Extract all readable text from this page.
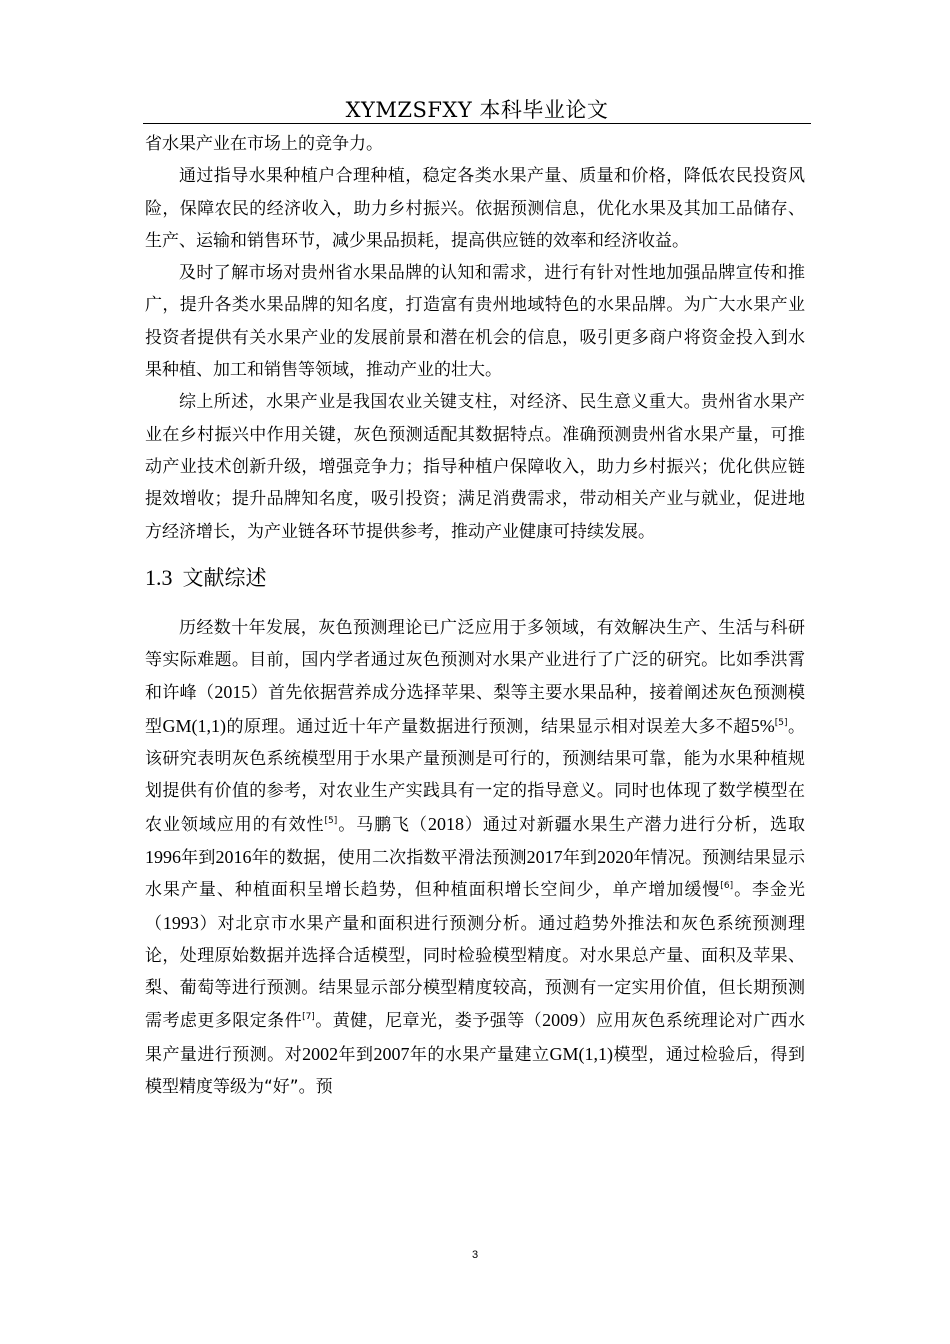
XYMZSFXY 本科毕业论文

省水果产业在市场上的竞争力。

通过指导水果种植户合理种植，稳定各类水果产量、质量和价格，降低农民投资风险，保障农民的经济收入，助力乡村振兴。依据预测信息，优化水果及其加工品储存、生产、运输和销售环节，减少果品损耗，提高供应链的效率和经济收益。

及时了解市场对贵州省水果品牌的认知和需求，进行有针对性地加强品牌宣传和推广，提升各类水果品牌的知名度，打造富有贵州地域特色的水果品牌。为广大水果产业投资者提供有关水果产业的发展前景和潜在机会的信息，吸引更多商户将资金投入到水果种植、加工和销售等领域，推动产业的壮大。

综上所述，水果产业是我国农业关键支柱，对经济、民生意义重大。贵州省水果产业在乡村振兴中作用关键，灰色预测适配其数据特点。准确预测贵州省水果产量，可推动产业技术创新升级，增强竞争力；指导种植户保障收入，助力乡村振兴；优化供应链提效增收；提升品牌知名度，吸引投资；满足消费需求，带动相关产业与就业，促进地方经济增长，为产业链各环节提供参考，推动产业健康可持续发展。

1.3 文献综述

历经数十年发展，灰色预测理论已广泛应用于多领域，有效解决生产、生活与科研等实际难题。目前，国内学者通过灰色预测对水果产业进行了广泛的研究。比如季洪霄和许峰（2015）首先依据营养成分选择苹果、梨等主要水果品种，接着阐述灰色预测模型GM(1,1)的原理。通过近十年产量数据进行预测，结果显示相对误差大多不超5%[5]。该研究表明灰色系统模型用于水果产量预测是可行的，预测结果可靠，能为水果种植规划提供有价值的参考，对农业生产实践具有一定的指导意义。同时也体现了数学模型在农业领域应用的有效性[5]。马鹏飞（2018）通过对新疆水果生产潜力进行分析，选取1996年到2016年的数据，使用二次指数平滑法预测2017年到2020年情况。预测结果显示水果产量、种植面积呈增长趋势，但种植面积增长空间少，单产增加缓慢[6]。李金光（1993）对北京市水果产量和面积进行预测分析。通过趋势外推法和灰色系统预测理论，处理原始数据并选择合适模型，同时检验模型精度。对水果总产量、面积及苹果、梨、葡萄等进行预测。结果显示部分模型精度较高，预测有一定实用价值，但长期预测需考虑更多限定条件[7]。黄健，尼章光，娄予强等（2009）应用灰色系统理论对广西水果产量进行预测。对2002年到2007年的水果产量建立GM(1,1)模型，通过检验后，得到模型精度等级为“好”。预

3
